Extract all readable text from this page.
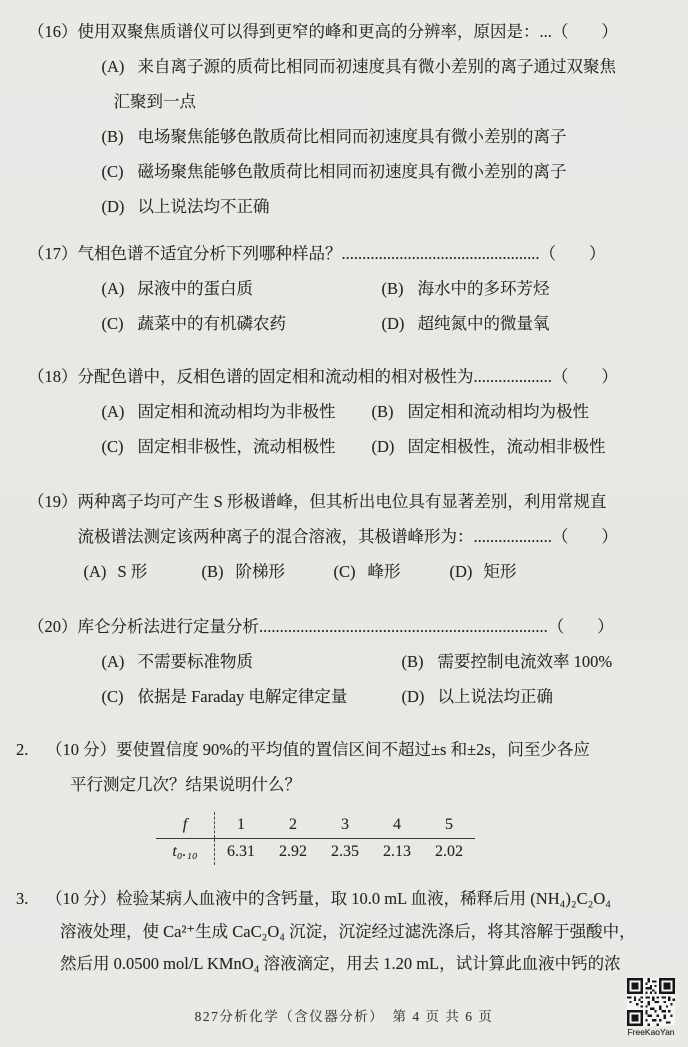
（16） 使用双聚焦质谱仪可以得到更窄的峰和更高的分辨率，原因是：...（　　）
(A) 来自离子源的质荷比相同而初速度具有微小差别的离子通过双聚焦
汇聚到一点
(B) 电场聚焦能够色散质荷比相同而初速度具有微小差别的离子
(C) 磁场聚焦能够色散质荷比相同而初速度具有微小差别的离子
(D) 以上说法均不正确
（17） 气相色谱不适宜分析下列哪种样品？................................................（　　）
(A) 尿液中的蛋白质	(B) 海水中的多环芳烃
(C) 蔬菜中的有机磷农药	(D) 超纯氮中的微量氧
（18） 分配色谱中，反相色谱的固定相和流动相的相对极性为...................（　　）
(A) 固定相和流动相均为非极性 (B) 固定相和流动相均为极性
(C) 固定相非极性，流动相极性 (D) 固定相极性，流动相非极性
（19） 两种离子均可产生 S 形极谱峰，但其析出电位具有显著差别，利用常规直
流极谱法测定该两种离子的混合溶液，其极谱峰形为：...................（　　）
(A) S 形	(B) 阶梯形	(C) 峰形	(D) 矩形
（20） 库仑分析法进行定量分析......................................................................（　　）
(A) 不需要标准物质	(B) 需要控制电流效率 100%
(C) 依据是 Faraday 电解定律定量	(D) 以上说法均正确
2.	（10 分）要使置信度 90%的平均值的置信区间不超过±s 和±2s，问至少各应
平行测定几次？结果说明什么？
f	1	2	3	4	5
t₀.₁₀	6.31	2.92	2.35	2.13	2.02
3.	（10 分）检验某病人血液中的含钙量，取 10.0 mL 血液，稀释后用 (NH₄)₂C₂O₄
溶液处理，使 Ca²⁺生成 CaC₂O₄ 沉淀，沉淀经过滤洗涤后，将其溶解于强酸中，
然后用 0.0500 mol/L KMnO₄ 溶液滴定，用去 1.20 mL，试计算此血液中钙的浓
827分析化学（含仪器分析）　第 4 页 共 6 页
FreeKaoYan
